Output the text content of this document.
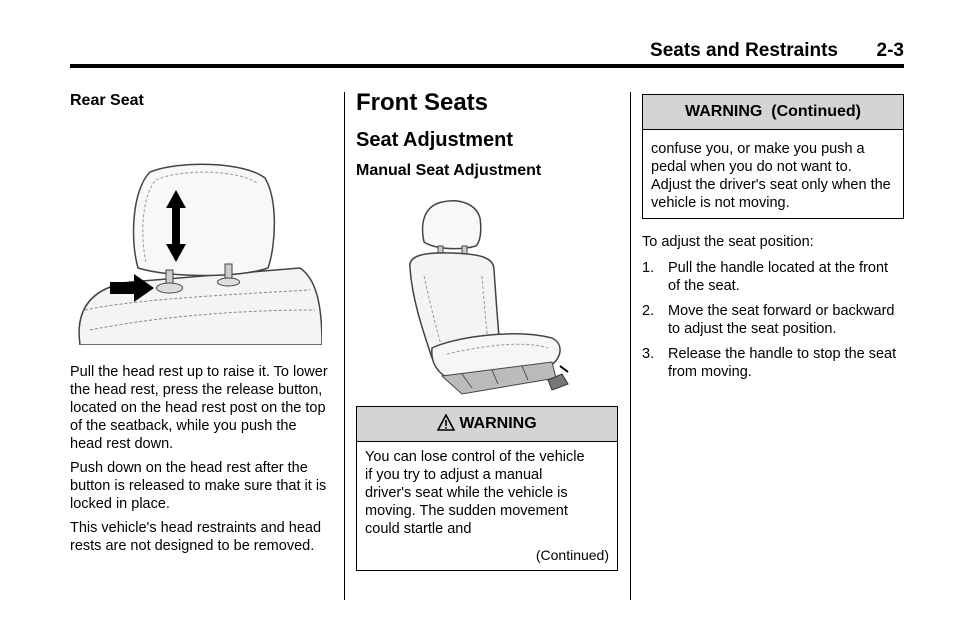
Seats and Restraints 2-3
Rear Seat

Pull the head rest up to raise it. To lower the head rest, press the release button, located on the head rest post on the top of the seatback, while you push the head rest down.

Push down on the head rest after the button is released to make sure that it is locked in place.

This vehicle's head restraints and head rests are not designed to be removed.

Front Seats
Seat Adjustment
Manual Seat Adjustment
WARNING
You can lose control of the vehicle if you try to adjust a manual driver's seat while the vehicle is moving. The sudden movement could startle and
(Continued)
WARNING  (Continued)
confuse you, or make you push a pedal when you do not want to. Adjust the driver's seat only when the vehicle is not moving.

To adjust the seat position:

1. Pull the handle located at the front of the seat.
2. Move the seat forward or backward to adjust the seat position.
3. Release the handle to stop the seat from moving.
